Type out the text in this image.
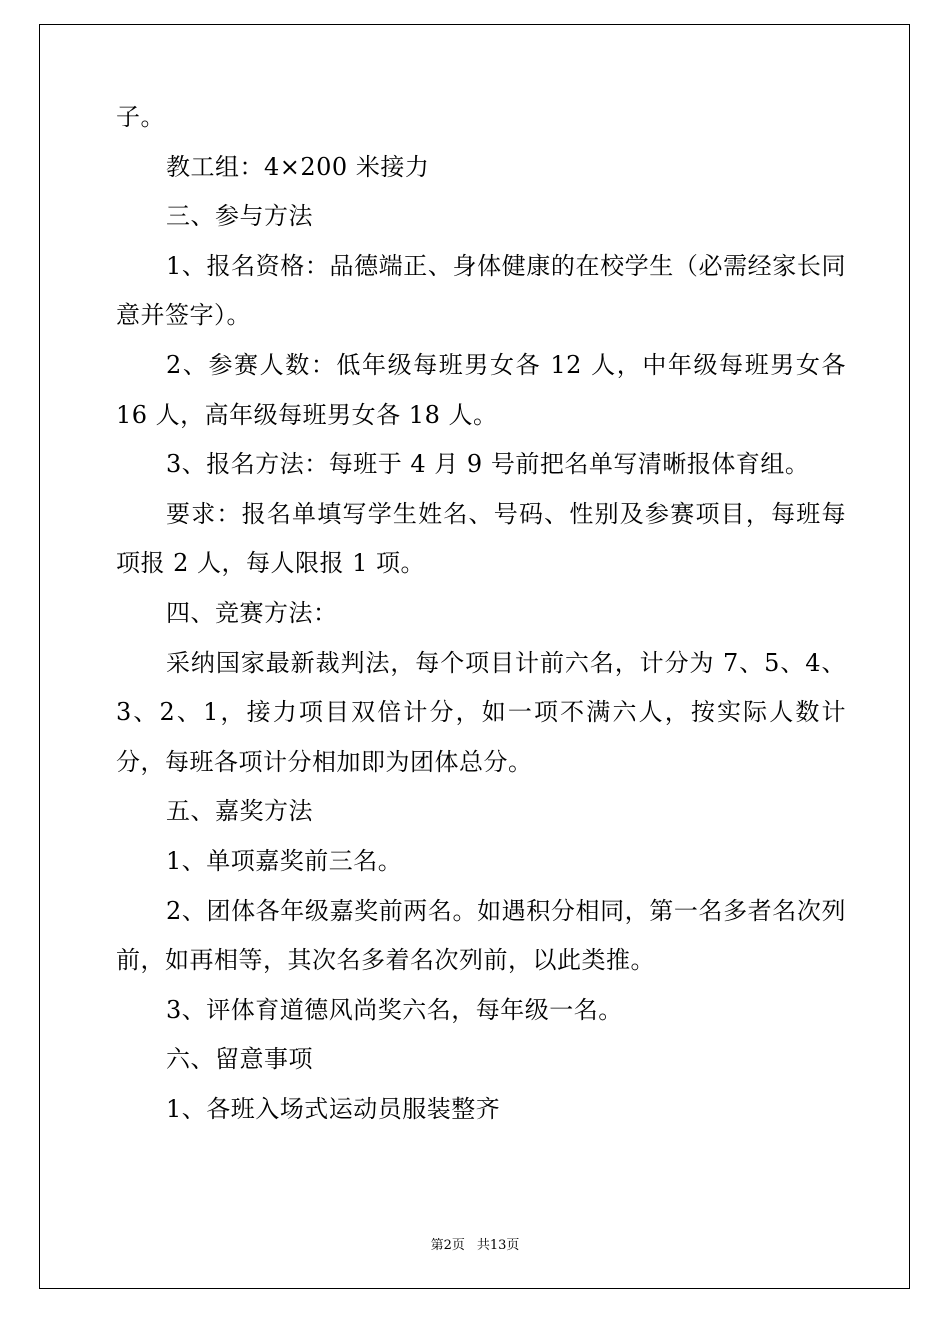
子。

教工组：4×200 米接力

三、参与方法

1、报名资格：品德端正、身体健康的在校学生（必需经家长同意并签字）。

2、参赛人数：低年级每班男女各 12 人，中年级每班男女各 16 人，高年级每班男女各 18 人。

3、报名方法：每班于 4 月 9 号前把名单写清晰报体育组。

要求：报名单填写学生姓名、号码、性别及参赛项目，每班每项报 2 人，每人限报 1 项。

四、竞赛方法：

采纳国家最新裁判法，每个项目计前六名，计分为 7、5、4、3、2、1，接力项目双倍计分，如一项不满六人，按实际人数计分，每班各项计分相加即为团体总分。

五、嘉奖方法

1、单项嘉奖前三名。

2、团体各年级嘉奖前两名。如遇积分相同，第一名多者名次列前，如再相等，其次名多着名次列前，以此类推。

3、评体育道德风尚奖六名，每年级一名。

六、留意事项

1、各班入场式运动员服装整齐

第2页 共13页
